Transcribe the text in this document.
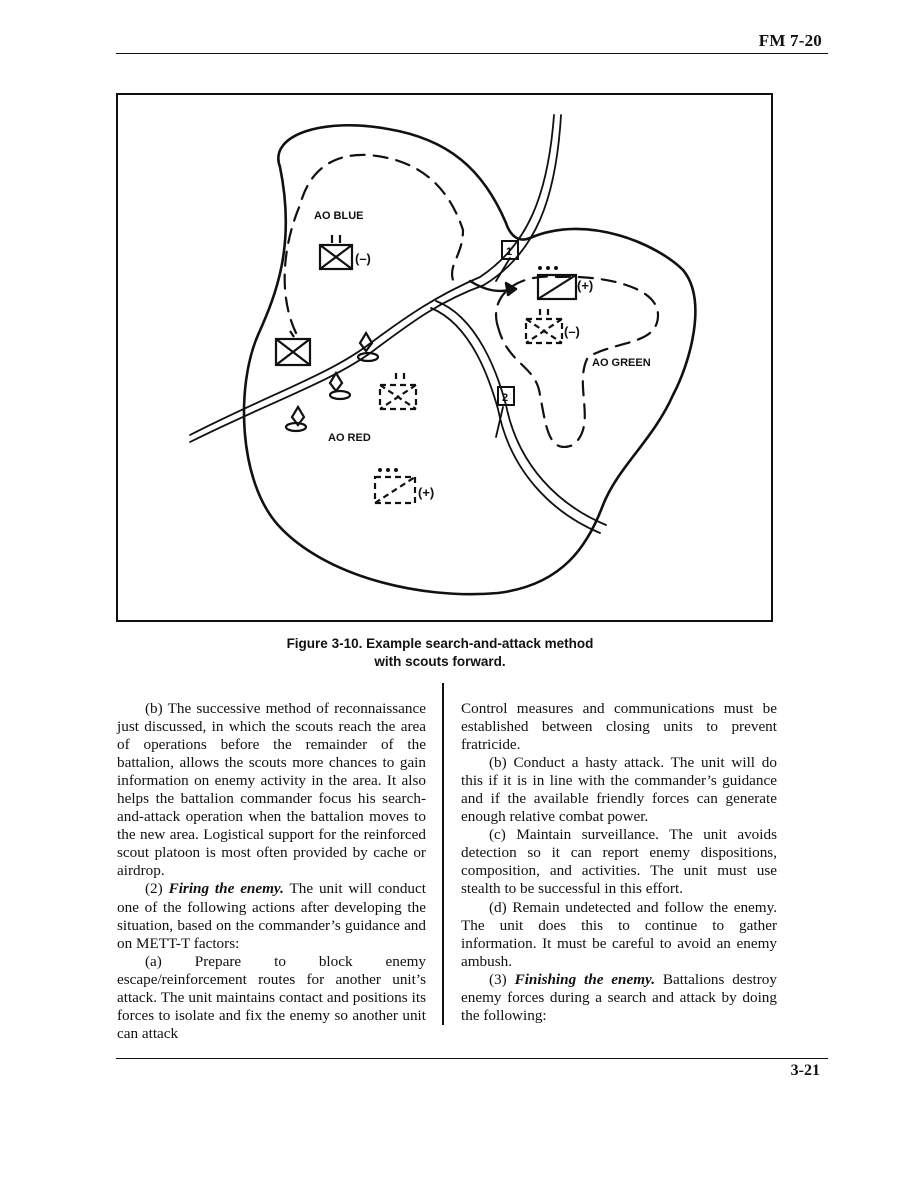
FM 7-20
AO BLUE
AO RED
AO GREEN
(–)
(+)
(–)
(+)
1
2
Figure 3-10. Example search-and-attack method
with scouts forward.

(b) The successive method of reconnaissance just discussed, in which the scouts reach the area of operations before the remainder of the battalion, allows the scouts more chances to gain information on enemy activity in the area. It also helps the battalion commander focus his search-and-attack operation when the battalion moves to the new area. Logistical support for the reinforced scout platoon is most often provided by cache or airdrop.

(2) Firing the enemy. The unit will conduct one of the following actions after developing the situation, based on the commander’s guidance and on METT-T factors:

(a) Prepare to block enemy escape/reinforcement routes for another unit’s attack. The unit maintains contact and positions its forces to isolate and fix the enemy so another unit can attack

Control measures and communications must be established between closing units to prevent fratricide.

(b) Conduct a hasty attack. The unit will do this if it is in line with the commander’s guidance and if the available friendly forces can generate enough relative combat power.

(c) Maintain surveillance. The unit avoids detection so it can report enemy dispositions, composition, and activities. The unit must use stealth to be successful in this effort.

(d) Remain undetected and follow the enemy. The unit does this to continue to gather information. It must be careful to avoid an enemy ambush.

(3) Finishing the enemy. Battalions destroy enemy forces during a search and attack by doing the following:

3-21
